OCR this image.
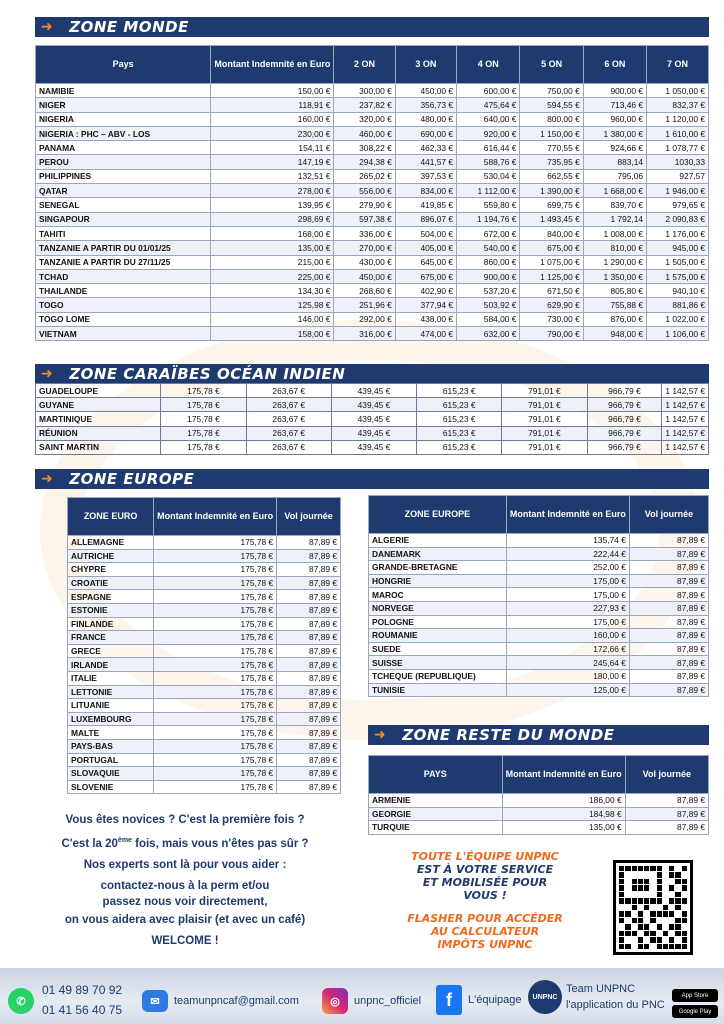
➜ ZONE MONDE
Pays	Montant Indemnité en Euro	2 ON	3 ON	4 ON	5 ON	6 ON	7 ON
NAMIBIE	150,00 €	300,00 €	450,00 €	600,00 €	750,00 €	900,00 €	1 050,00 €
NIGER	118,91 €	237,82 €	356,73 €	475,64 €	594,55 €	713,46 €	832,37 €
NIGERIA	160,00 €	320,00 €	480,00 €	640,00 €	800,00 €	960,00 €	1 120,00 €
NIGERIA : PHC – ABV - LOS	230,00 €	460,00 €	690,00 €	920,00 €	1 150,00 €	1 380,00 €	1 610,00 €
PANAMA	154,11 €	308,22 €	462,33 €	616,44 €	770,55 €	924,66 €	1 078,77 €
PEROU	147,19 €	294,38 €	441,57 €	588,76 €	735,95 €	883,14	1030,33
PHILIPPINES	132,51 €	265,02 €	397,53 €	530,04 €	662,55 €	795,06	927,57
QATAR	278,00 €	556,00 €	834,00 €	1 112,00 €	1 390,00 €	1 668,00 €	1 946,00 €
SENEGAL	139,95 €	279,90 €	419,85 €	559,80 €	699,75 €	839,70 €	979,65 €
SINGAPOUR	298,69 €	597,38 €	896,07 €	1 194,76 €	1 493,45 €	1 792,14	2 090,83 €
TAHITI	168,00 €	336,00 €	504,00 €	672,00 €	840,00 €	1 008,00 €	1 176,00 €
TANZANIE A PARTIR DU 01/01/25	135,00 €	270,00 €	405,00 €	540,00 €	675,00 €	810,00 €	945,00 €
TANZANIE A PARTIR DU 27/11/25	215,00 €	430,00 €	645,00 €	860,00 €	1 075,00 €	1 290,00 €	1 505,00 €
TCHAD	225,00 €	450,00 €	675,00 €	900,00 €	1 125,00 €	1 350,00 €	1 575,00 €
THAILANDE	134,30 €	268,60 €	402,90 €	537,20 €	671,50 €	805,80 €	940,10 €
TOGO	125,98 €	251,96 €	377,94 €	503,92 €	629,90 €	755,88 €	881,86 €
TOGO LOME	146,00 €	292,00 €	438,00 €	584,00 €	730,00 €	876,00 €	1 022,00 €
VIETNAM	158,00 €	316,00 €	474,00 €	632,00 €	790,00 €	948,00 €	1 106,00 €
➜ ZONE CARAÏBES OCÉAN INDIEN
GUADELOUPE	175,78 €	263,67 €	439,45 €	615,23 €	791,01 €	966,79 €	1 142,57 €
GUYANE	175,78 €	263,67 €	439,45 €	615,23 €	791,01 €	966,79 €	1 142,57 €
MARTINIQUE	175,78 €	263,67 €	439,45 €	615,23 €	791,01 €	966,79 €	1 142,57 €
RÉUNION	175,78 €	263,67 €	439,45 €	615,23 €	791,01 €	966,79 €	1 142,57 €
SAINT MARTIN	175,78 €	263,67 €	439,45 €	615,23 €	791,01 €	966,79 €	1 142,57 €
➜ ZONE EUROPE
ZONE EURO	Montant Indemnité en Euro	Vol journée
ALLEMAGNE	175,78 €	87,89 €
AUTRICHE	175,78 €	87,89 €
CHYPRE	175,78 €	87,89 €
CROATIE	175,78 €	87,89 €
ESPAGNE	175,78 €	87,89 €
ESTONIE	175,78 €	87,89 €
FINLANDE	175,78 €	87,89 €
FRANCE	175,78 €	87,89 €
GRECE	175,78 €	87,89 €
IRLANDE	175,78 €	87,89 €
ITALIE	175,78 €	87,89 €
LETTONIE	175,78 €	87,89 €
LITUANIE	175,78 €	87,89 €
LUXEMBOURG	175,78 €	87,89 €
MALTE	175,78 €	87,89 €
PAYS-BAS	175,78 €	87,89 €
PORTUGAL	175,78 €	87,89 €
SLOVAQUIE	175,78 €	87,89 €
SLOVENIE	175,78 €	87,89 €
ZONE EUROPE	Montant Indemnité en Euro	Vol journée
ALGERIE	135,74 €	87,89 €
DANEMARK	222,44 €	87,89 €
GRANDE-BRETAGNE	252,00 €	87,89 €
HONGRIE	175,00 €	87,89 €
MAROC	175,00 €	87,89 €
NORVEGE	227,93 €	87,89 €
POLOGNE	175,00 €	87,89 €
ROUMANIE	160,00 €	87,89 €
SUEDE	172,66 €	87,89 €
SUISSE	245,64 €	87,89 €
TCHEQUE (REPUBLIQUE)	180,00 €	87,89 €
TUNISIE	125,00 €	87,89 €
➜ ZONE RESTE DU MONDE
PAYS	Montant Indemnité en Euro	Vol journée
ARMENIE	186,00 €	87,89 €
GEORGIE	184,98 €	87,89 €
TURQUIE	135,00 €	87,89 €

Vous êtes novices ? C'est la première fois ?

C'est la 20ème fois, mais vous n'êtes pas sûr ?

Nos experts sont là pour vous aider :

contactez-nous à la perm et/ou
passez nous voir directement,

on vous aidera avec plaisir (et avec un café)

WELCOME !

TOUTE L'ÉQUIPE UNPNC
EST À VOTRE SERVICE
ET MOBILISÉE POUR
VOUS !
FLASHER POUR ACCÉDER
AU CALCULATEUR
IMPÔTS UNPNC
✆
01 49 89 70 92
01 41 56 40 75
✉	teamunpncaf@gmail.com	◎	unpnc_officiel	f	L'équipage	UNPNC
Team UNPNC
l'application du PNC
App Store
Google Play
